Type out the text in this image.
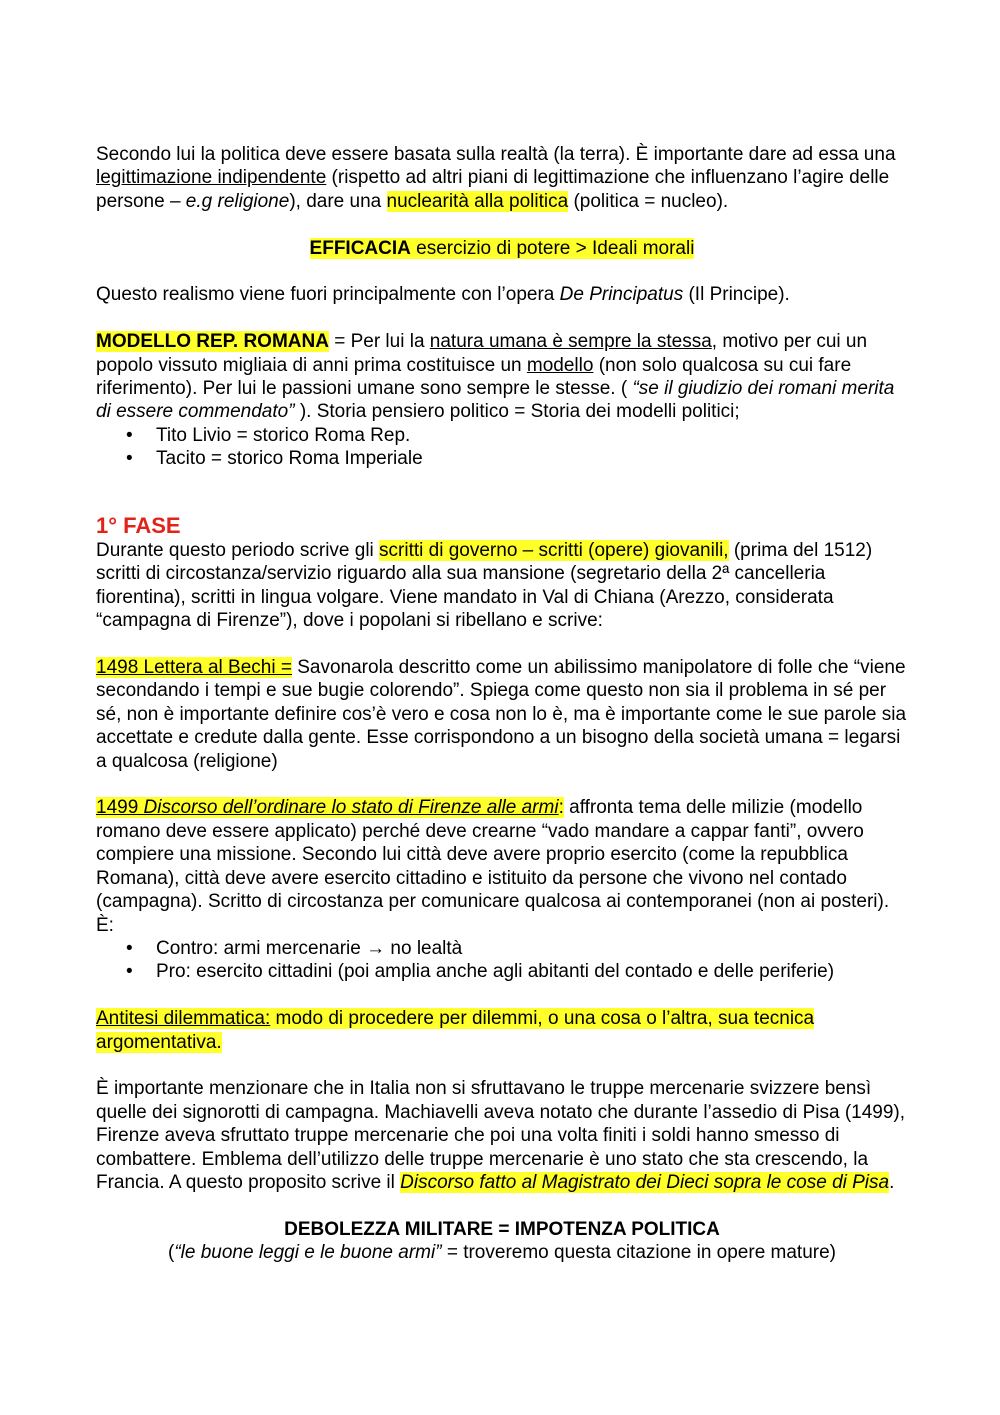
Secondo lui la politica deve essere basata sulla realtà (la terra). È importante dare ad essa una legittimazione indipendente (rispetto ad altri piani di legittimazione che influenzano l’agire delle persone – e.g religione), dare una nuclearità alla politica (politica = nucleo).

EFFICACIA esercizio di potere > Ideali morali

Questo realismo viene fuori principalmente con l’opera De Principatus (Il Principe).

MODELLO REP. ROMANA = Per lui la natura umana è sempre la stessa, motivo per cui un popolo vissuto migliaia di anni prima costituisce un modello (non solo qualcosa su cui fare riferimento). Per lui le passioni umane sono sempre le stesse. ( “se il giudizio dei romani merita di essere commendato” ). Storia pensiero politico = Storia dei modelli politici;

• Tito Livio = storico Roma Rep.
• Tacito = storico Roma Imperiale

1° FASE

Durante questo periodo scrive gli scritti di governo – scritti (opere) giovanili, (prima del 1512) scritti di circostanza/servizio riguardo alla sua mansione (segretario della 2ª cancelleria fiorentina), scritti in lingua volgare. Viene mandato in Val di Chiana (Arezzo, considerata “campagna di Firenze”), dove i popolani si ribellano e scrive:

1498 Lettera al Bechi = Savonarola descritto come un abilissimo manipolatore di folle che “viene secondando i tempi e sue bugie colorendo”. Spiega come questo non sia il problema in sé per sé, non è importante definire cos’è vero e cosa non lo è, ma è importante come le sue parole sia accettate e credute dalla gente. Esse corrispondono a un bisogno della società umana = legarsi a qualcosa (religione)

1499 Discorso dell’ordinare lo stato di Firenze alle armi: affronta tema delle milizie (modello romano deve essere applicato) perché deve crearne “vado mandare a cappar fanti”, ovvero compiere una missione. Secondo lui città deve avere proprio esercito (come la repubblica Romana), città deve avere esercito cittadino e istituito da persone che vivono nel contado (campagna). Scritto di circostanza per comunicare qualcosa ai contemporanei (non ai posteri). È:

• Contro: armi mercenarie → no lealtà
• Pro: esercito cittadini (poi amplia anche agli abitanti del contado e delle periferie)

Antitesi dilemmatica: modo di procedere per dilemmi, o una cosa o l’altra, sua tecnica argomentativa.

È importante menzionare che in Italia non si sfruttavano le truppe mercenarie svizzere bensì quelle dei signorotti di campagna. Machiavelli aveva notato che durante l’assedio di Pisa (1499), Firenze aveva sfruttato truppe mercenarie che poi una volta finiti i soldi hanno smesso di combattere. Emblema dell’utilizzo delle truppe mercenarie è uno stato che sta crescendo, la Francia. A questo proposito scrive il Discorso fatto al Magistrato dei Dieci sopra le cose di Pisa.

DEBOLEZZA MILITARE = IMPOTENZA POLITICA

(“le buone leggi e le buone armi” = troveremo questa citazione in opere mature)
